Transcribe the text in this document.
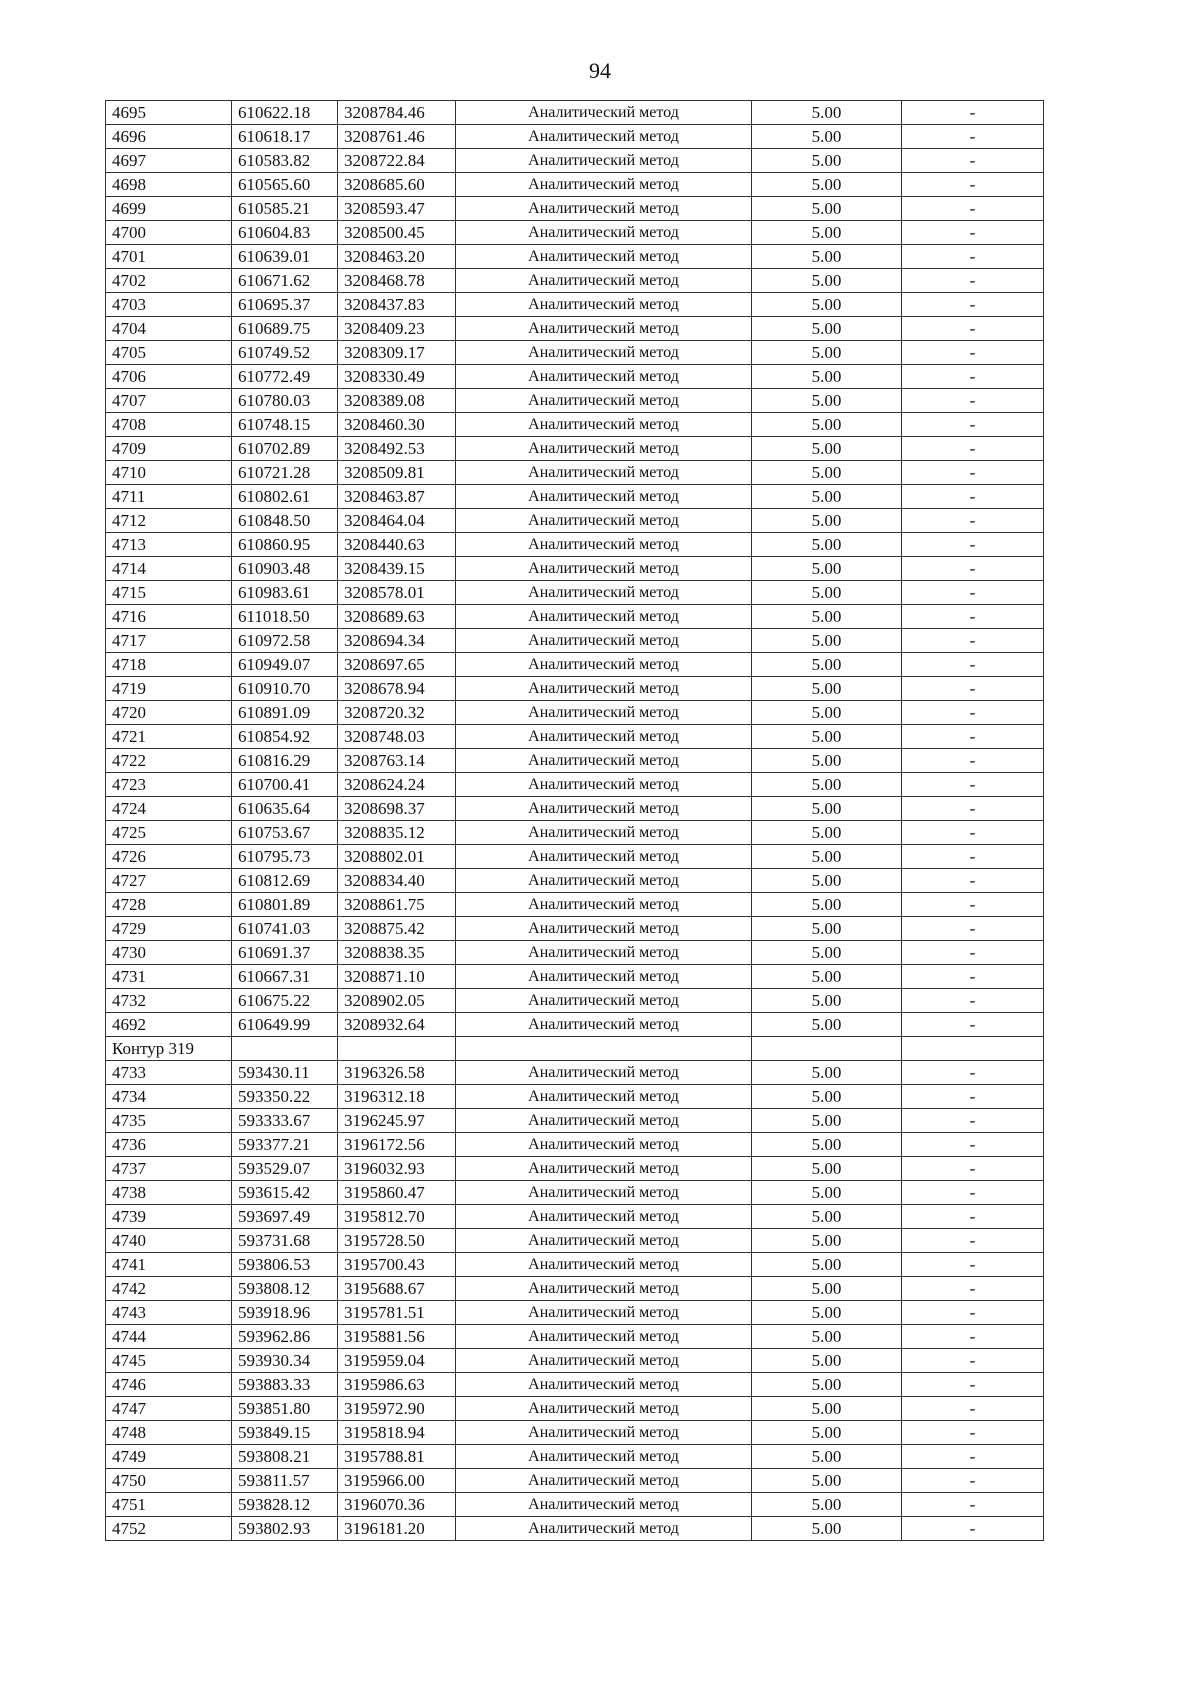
94
4695	610622.18	3208784.46	Аналитический метод	5.00	-
4696	610618.17	3208761.46	Аналитический метод	5.00	-
4697	610583.82	3208722.84	Аналитический метод	5.00	-
4698	610565.60	3208685.60	Аналитический метод	5.00	-
4699	610585.21	3208593.47	Аналитический метод	5.00	-
4700	610604.83	3208500.45	Аналитический метод	5.00	-
4701	610639.01	3208463.20	Аналитический метод	5.00	-
4702	610671.62	3208468.78	Аналитический метод	5.00	-
4703	610695.37	3208437.83	Аналитический метод	5.00	-
4704	610689.75	3208409.23	Аналитический метод	5.00	-
4705	610749.52	3208309.17	Аналитический метод	5.00	-
4706	610772.49	3208330.49	Аналитический метод	5.00	-
4707	610780.03	3208389.08	Аналитический метод	5.00	-
4708	610748.15	3208460.30	Аналитический метод	5.00	-
4709	610702.89	3208492.53	Аналитический метод	5.00	-
4710	610721.28	3208509.81	Аналитический метод	5.00	-
4711	610802.61	3208463.87	Аналитический метод	5.00	-
4712	610848.50	3208464.04	Аналитический метод	5.00	-
4713	610860.95	3208440.63	Аналитический метод	5.00	-
4714	610903.48	3208439.15	Аналитический метод	5.00	-
4715	610983.61	3208578.01	Аналитический метод	5.00	-
4716	611018.50	3208689.63	Аналитический метод	5.00	-
4717	610972.58	3208694.34	Аналитический метод	5.00	-
4718	610949.07	3208697.65	Аналитический метод	5.00	-
4719	610910.70	3208678.94	Аналитический метод	5.00	-
4720	610891.09	3208720.32	Аналитический метод	5.00	-
4721	610854.92	3208748.03	Аналитический метод	5.00	-
4722	610816.29	3208763.14	Аналитический метод	5.00	-
4723	610700.41	3208624.24	Аналитический метод	5.00	-
4724	610635.64	3208698.37	Аналитический метод	5.00	-
4725	610753.67	3208835.12	Аналитический метод	5.00	-
4726	610795.73	3208802.01	Аналитический метод	5.00	-
4727	610812.69	3208834.40	Аналитический метод	5.00	-
4728	610801.89	3208861.75	Аналитический метод	5.00	-
4729	610741.03	3208875.42	Аналитический метод	5.00	-
4730	610691.37	3208838.35	Аналитический метод	5.00	-
4731	610667.31	3208871.10	Аналитический метод	5.00	-
4732	610675.22	3208902.05	Аналитический метод	5.00	-
4692	610649.99	3208932.64	Аналитический метод	5.00	-
Контур 319					
4733	593430.11	3196326.58	Аналитический метод	5.00	-
4734	593350.22	3196312.18	Аналитический метод	5.00	-
4735	593333.67	3196245.97	Аналитический метод	5.00	-
4736	593377.21	3196172.56	Аналитический метод	5.00	-
4737	593529.07	3196032.93	Аналитический метод	5.00	-
4738	593615.42	3195860.47	Аналитический метод	5.00	-
4739	593697.49	3195812.70	Аналитический метод	5.00	-
4740	593731.68	3195728.50	Аналитический метод	5.00	-
4741	593806.53	3195700.43	Аналитический метод	5.00	-
4742	593808.12	3195688.67	Аналитический метод	5.00	-
4743	593918.96	3195781.51	Аналитический метод	5.00	-
4744	593962.86	3195881.56	Аналитический метод	5.00	-
4745	593930.34	3195959.04	Аналитический метод	5.00	-
4746	593883.33	3195986.63	Аналитический метод	5.00	-
4747	593851.80	3195972.90	Аналитический метод	5.00	-
4748	593849.15	3195818.94	Аналитический метод	5.00	-
4749	593808.21	3195788.81	Аналитический метод	5.00	-
4750	593811.57	3195966.00	Аналитический метод	5.00	-
4751	593828.12	3196070.36	Аналитический метод	5.00	-
4752	593802.93	3196181.20	Аналитический метод	5.00	-
